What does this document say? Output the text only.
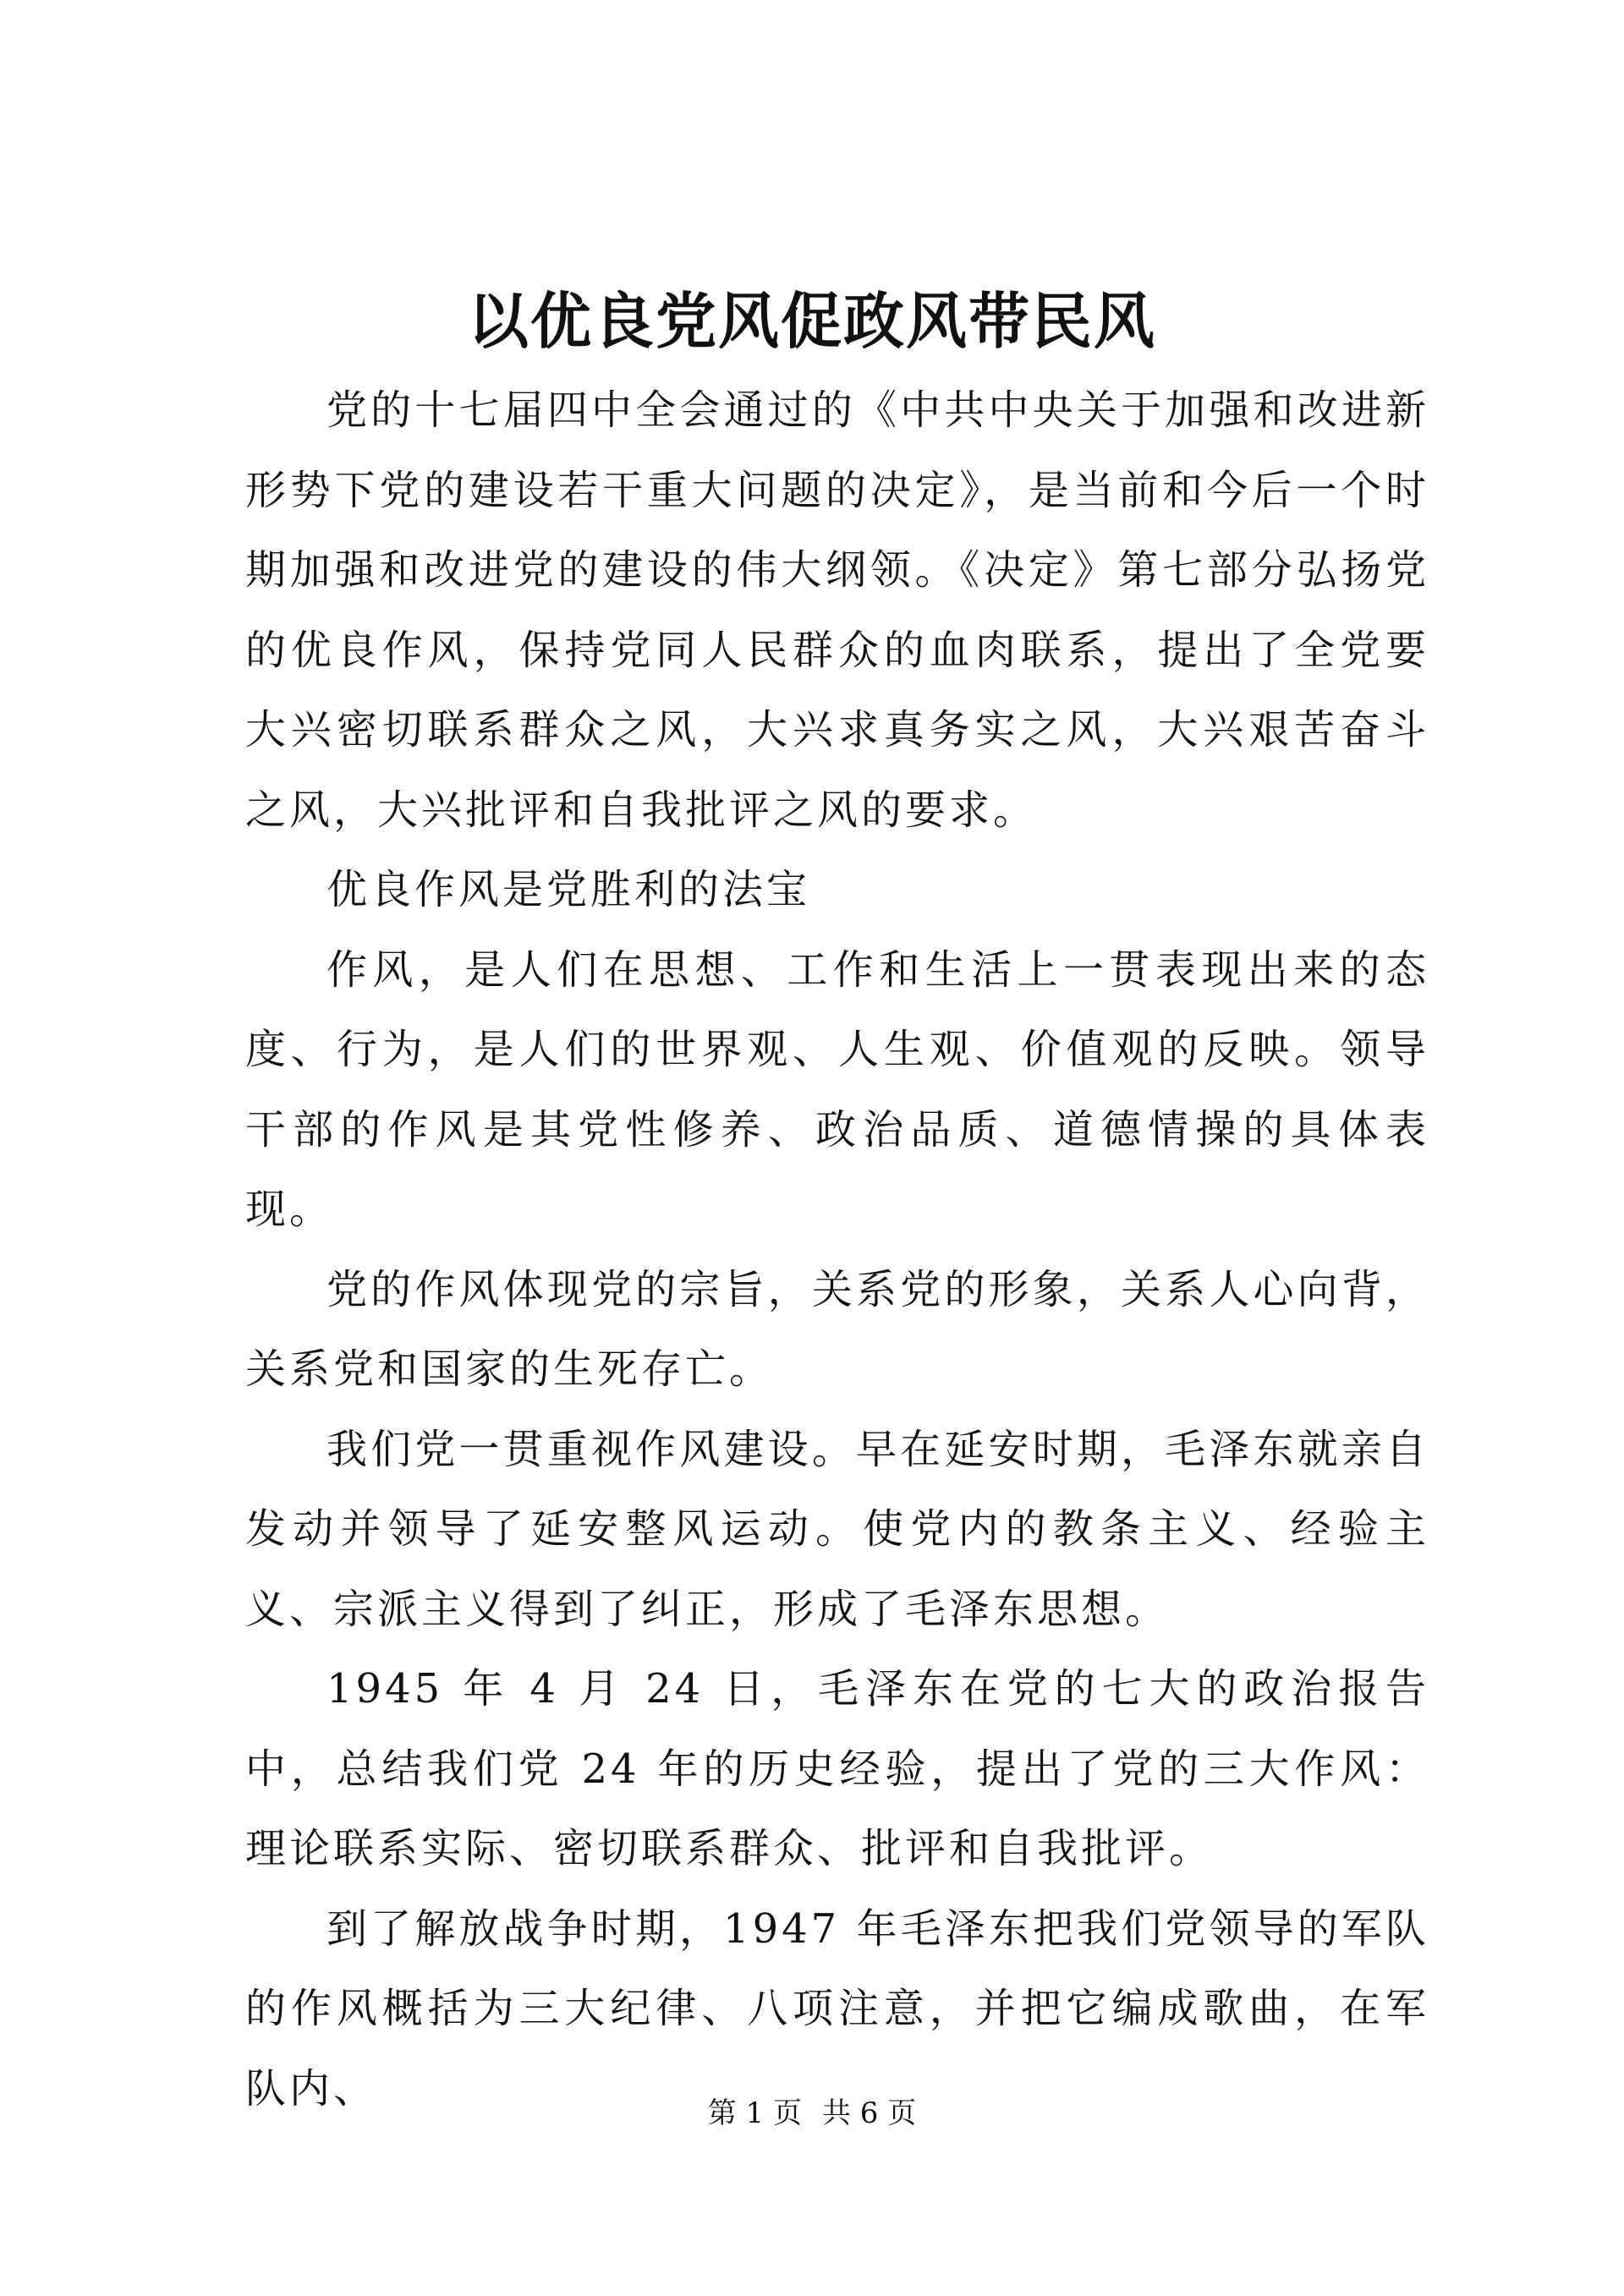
以优良党风促政风带民风

党的十七届四中全会通过的《中共中央关于加强和改进新形势下党的建设若干重大问题的决定》，是当前和今后一个时期加强和改进党的建设的伟大纲领。《决定》第七部分弘扬党的优良作风，保持党同人民群众的血肉联系，提出了全党要大兴密切联系群众之风，大兴求真务实之风，大兴艰苦奋斗之风，大兴批评和自我批评之风的要求。

优良作风是党胜利的法宝

作风，是人们在思想、工作和生活上一贯表现出来的态度、行为，是人们的世界观、人生观、价值观的反映。领导干部的作风是其党性修养、政治品质、道德情操的具体表现。

党的作风体现党的宗旨，关系党的形象，关系人心向背，关系党和国家的生死存亡。

我们党一贯重视作风建设。早在延安时期，毛泽东就亲自发动并领导了延安整风运动。使党内的教条主义、经验主义、宗派主义得到了纠正，形成了毛泽东思想。

1945 年 4 月 24 日，毛泽东在党的七大的政治报告中，总结我们党 24 年的历史经验，提出了党的三大作风：理论联系实际、密切联系群众、批评和自我批评。

到了解放战争时期，1947 年毛泽东把我们党领导的军队的作风概括为三大纪律、八项注意，并把它编成歌曲，在军队内、

第 1 页 共 6 页
